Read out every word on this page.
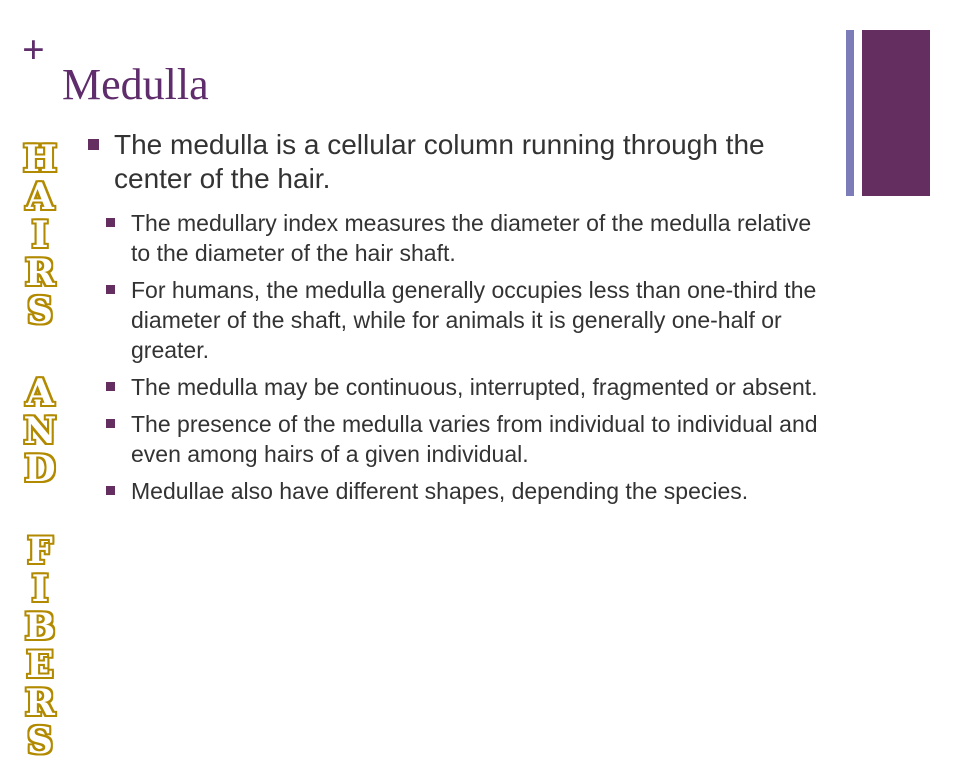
+
Medulla
H
A
I
R
S
A
N
D
F
I
B
E
R
S
The medulla is a cellular column running through the center of the hair.
The medullary index measures the diameter of the medulla relative to the diameter of the hair shaft.
For humans, the medulla generally occupies less than one-third the diameter of the shaft, while for animals it is generally one-half or greater.
The medulla may be continuous, interrupted, fragmented or absent.
The presence of the medulla varies from individual to individual and even among hairs of a given individual.
Medullae also have different shapes, depending the species.
